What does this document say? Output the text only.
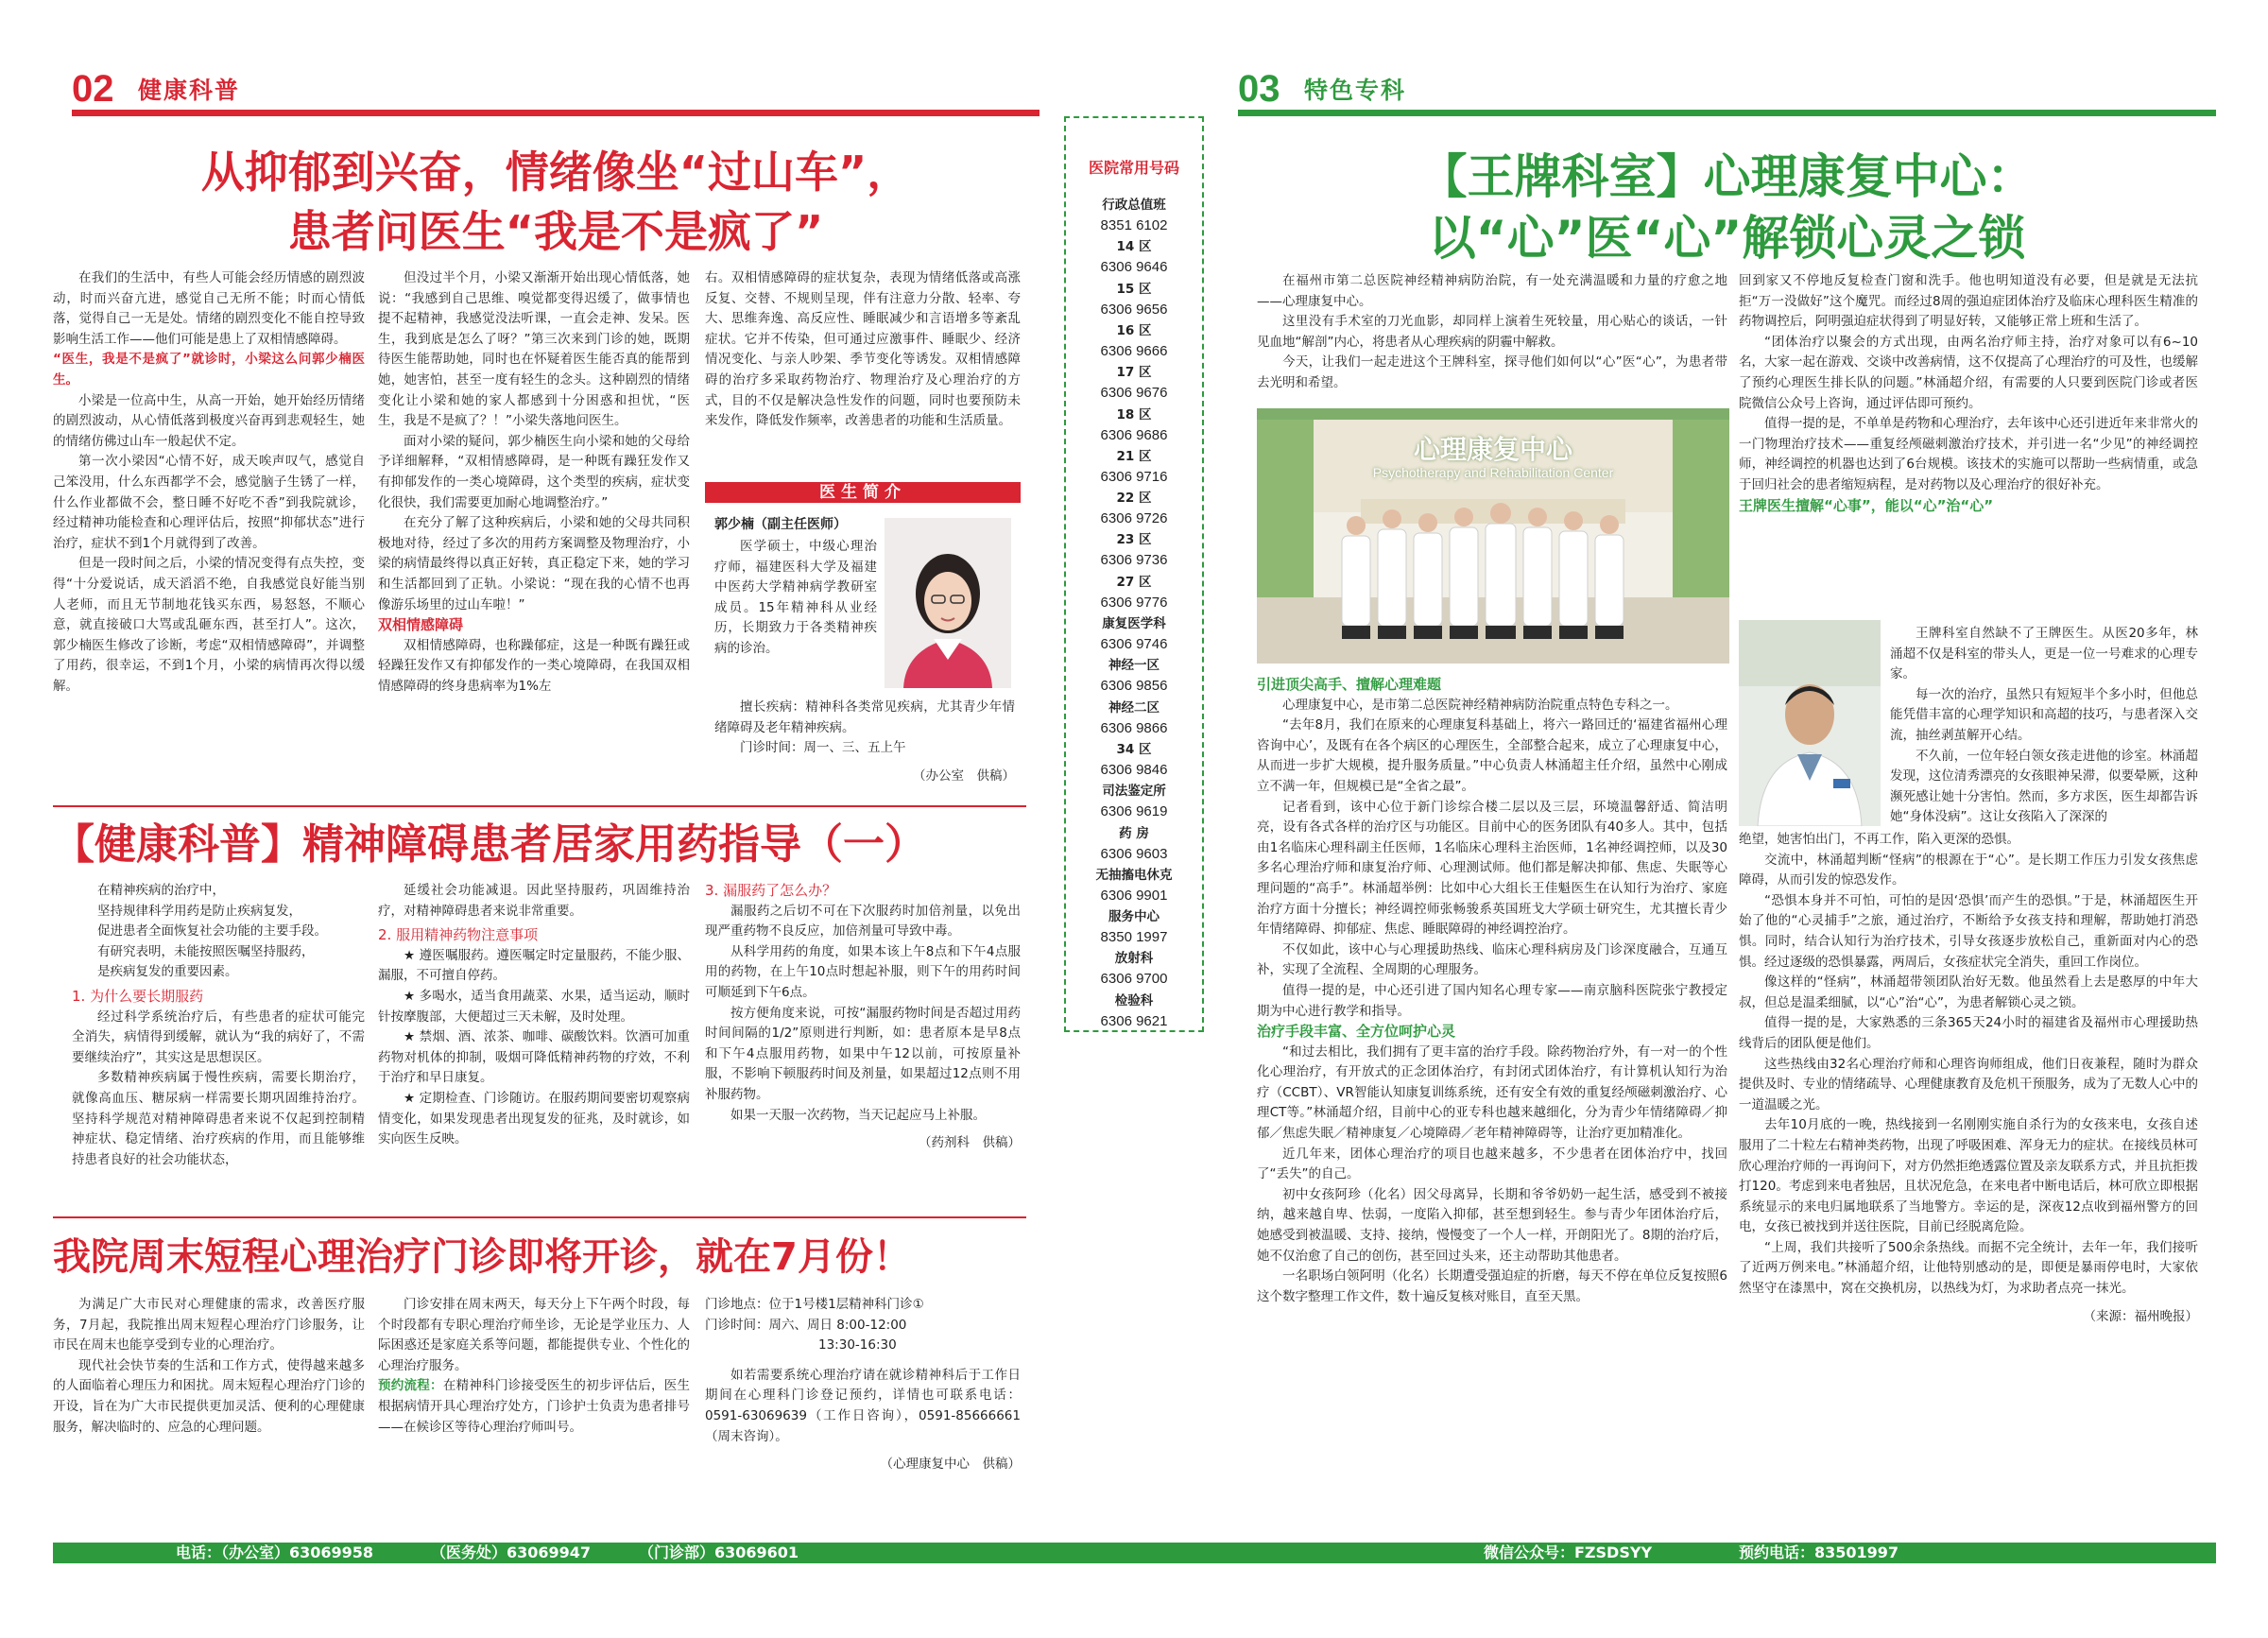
02 健康科普	03 特色专科
从抑郁到兴奋，情绪像坐“过山车”，
患者问医生“我是不是疯了”

在我们的生活中，有些人可能会经历情感的剧烈波动，时而兴奋亢进，感觉自己无所不能；时而心情低落，觉得自己一无是处。情绪的剧烈变化不能自控导致影响生活工作——他们可能是患上了双相情感障碍。

“医生，我是不是疯了”就诊时，小梁这么问郭少楠医生。

小梁是一位高中生，从高一开始，她开始经历情绪的剧烈波动，从心情低落到极度兴奋再到悲观轻生，她的情绪仿佛过山车一般起伏不定。

第一次小梁因“心情不好，成天唉声叹气，感觉自己笨没用，什么东西都学不会，感觉脑子生锈了一样，什么作业都做不会，整日睡不好吃不香”到我院就诊，经过精神功能检查和心理评估后，按照“抑郁状态”进行治疗，症状不到1个月就得到了改善。

但是一段时间之后，小梁的情况变得有点失控，变得“十分爱说话，成天滔滔不绝，自我感觉良好能当别人老师，而且无节制地花钱买东西，易怒怒，不顺心意，就直接破口大骂或乱砸东西，甚至打人”。这次，郭少楠医生修改了诊断，考虑“双相情感障碍”，并调整了用药，很幸运，不到1个月，小梁的病情再次得以缓解。

但没过半个月，小梁又渐渐开始出现心情低落，她说：“我感到自己思维、嗅觉都变得迟缓了，做事情也提不起精神，我感觉没法听课，一直会走神、发呆。医生，我到底是怎么了呀？”第三次来到门诊的她，既期待医生能帮助她，同时也在怀疑着医生能否真的能帮到她，她害怕，甚至一度有轻生的念头。这种剧烈的情绪变化让小梁和她的家人都感到十分困惑和担忧，“医生，我是不是疯了？！”小梁失落地问医生。

面对小梁的疑问，郭少楠医生向小梁和她的父母给予详细解释，“双相情感障碍，是一种既有躁狂发作又有抑郁发作的一类心境障碍，这个类型的疾病，症状变化很快，我们需要更加耐心地调整治疗。”

在充分了解了这种疾病后，小梁和她的父母共同积极地对待，经过了多次的用药方案调整及物理治疗，小梁的病情最终得以真正好转，真正稳定下来，她的学习和生活都回到了正轨。小梁说：“现在我的心情不也再像游乐场里的过山车啦！”

双相情感障碍

双相情感障碍，也称躁郁症，这是一种既有躁狂或轻躁狂发作又有抑郁发作的一类心境障碍，在我国双相情感障碍的终身患病率为1%左

右。双相情感障碍的症状复杂，表现为情绪低落或高涨反复、交替、不规则呈现，伴有注意力分散、轻率、夸大、思维奔逸、高反应性、睡眠减少和言语增多等紊乱症状。它并不传染，但可通过应激事件、睡眠少、经济情况变化、与亲人吵架、季节变化等诱发。双相情感障碍的治疗多采取药物治疗、物理治疗及心理治疗的方式，目的不仅是解决急性发作的问题，同时也要预防未来发作，降低发作频率，改善患者的功能和生活质量。

医生简介
郭少楠（副主任医师）

医学硕士，中级心理治疗师，福建医科大学及福建中医药大学精神病学教研室成员。15年精神科从业经历，长期致力于各类精神疾病的诊治。

擅长疾病：精神科各类常见疾病，尤其青少年情绪障碍及老年精神疾病。

门诊时间：周一、三、五上午

（办公室　供稿）

【健康科普】精神障碍患者居家用药指导（一）

在精神疾病的治疗中，

坚持规律科学用药是防止疾病复发，

促进患者全面恢复社会功能的主要手段。

有研究表明，未能按照医嘱坚持服药，

是疾病复发的重要因素。

1. 为什么要长期服药

经过科学系统治疗后，有些患者的症状可能完全消失，病情得到缓解，就认为“我的病好了，不需要继续治疗”，其实这是思想误区。

多数精神疾病属于慢性疾病，需要长期治疗，就像高血压、糖尿病一样需要长期巩固维持治疗。坚持科学规范对精神障碍患者来说不仅起到控制精神症状、稳定情绪、治疗疾病的作用，而且能够维持患者良好的社会功能状态，

延缓社会功能减退。因此坚持服药，巩固维持治疗，对精神障碍患者来说非常重要。

2. 服用精神药物注意事项

★ 遵医嘱服药。遵医嘱定时定量服药，不能少服、漏服，不可擅自停药。

★ 多喝水，适当食用蔬菜、水果，适当运动，顺时针按摩腹部，大便超过三天未解，及时处理。

★ 禁烟、酒、浓茶、咖啡、碳酸饮料。饮酒可加重药物对机体的抑制，吸烟可降低精神药物的疗效，不利于治疗和早日康复。

★ 定期检查、门诊随访。在服药期间要密切观察病情变化，如果发现患者出现复发的征兆，及时就诊，如实向医生反映。

3. 漏服药了怎么办？

漏服药之后切不可在下次服药时加倍剂量，以免出现严重药物不良反应，加倍剂量可导致中毒。

从科学用药的角度，如果本该上午8点和下午4点服用的药物，在上午10点时想起补服，则下午的用药时间可顺延到下午6点。

按方便角度来说，可按“漏服药物时间是否超过用药时间间隔的1/2”原则进行判断，如：患者原本是早8点和下午4点服用药物，如果中午12以前，可按原量补服，不影响下顿服药时间及剂量，如果超过12点则不用补服药物。

如果一天服一次药物，当天记起应马上补服。

（药剂科　供稿）

我院周末短程心理治疗门诊即将开诊，就在7月份！

为满足广大市民对心理健康的需求，改善医疗服务，7月起，我院推出周末短程心理治疗门诊服务，让市民在周末也能享受到专业的心理治疗。

现代社会快节奏的生活和工作方式，使得越来越多的人面临着心理压力和困扰。周末短程心理治疗门诊的开设，旨在为广大市民提供更加灵活、便利的心理健康服务，解决临时的、应急的心理问题。

门诊安排在周末两天，每天分上下午两个时段，每个时段都有专职心理治疗师坐诊，无论是学业压力、人际困惑还是家庭关系等问题，都能提供专业、个性化的心理治疗服务。

预约流程：在精神科门诊接受医生的初步评估后，医生根据病情开具心理治疗处方，门诊护士负责为患者排号——在候诊区等待心理治疗师叫号。

门诊地点：位于1号楼1层精神科门诊①

门诊时间：周六、周日 8:00-12:00

13:30-16:30

如若需要系统心理治疗请在就诊精神科后于工作日期间在心理科门诊登记预约，详情也可联系电话：0591-63069639（工作日咨询），0591-85666661（周末咨询）。

（心理康复中心　供稿）

医院常用号码
行政总值班
8351 6102
14 区
6306 9646
15 区
6306 9656
16 区
6306 9666
17 区
6306 9676
18 区
6306 9686
21 区
6306 9716
22 区
6306 9726
23 区
6306 9736
27 区
6306 9776
康复医学科
6306 9746
神经一区
6306 9856
神经二区
6306 9866
34 区
6306 9846
司法鉴定所
6306 9619
药 房
6306 9603
无抽搐电休克
6306 9901
服务中心
8350 1997
放射科
6306 9700
检验科
6306 9621
【王牌科室】心理康复中心：
以“心”医“心”解锁心灵之锁

在福州市第二总医院神经精神病防治院，有一处充满温暖和力量的疗愈之地——心理康复中心。

这里没有手术室的刀光血影，却同样上演着生死较量，用心贴心的谈话，一针见血地“解剖”内心，将患者从心理疾病的阴霾中解救。

今天，让我们一起走进这个王牌科室，探寻他们如何以“心”医“心”，为患者带去光明和希望。

心理康复中心
Psychotherapy and Rehabilitation Center

引进顶尖高手、擅解心理难题

心理康复中心，是市第二总医院神经精神病防治院重点特色专科之一。

“去年8月，我们在原来的心理康复科基础上，将六一路回迁的‘福建省福州心理咨询中心’，及既有在各个病区的心理医生，全部整合起来，成立了心理康复中心，从而进一步扩大规模，提升服务质量。”中心负责人林涌超主任介绍，虽然中心刚成立不满一年，但规模已是“全省之最”。

记者看到，该中心位于新门诊综合楼二层以及三层，环境温馨舒适、简洁明亮，设有各式各样的治疗区与功能区。目前中心的医务团队有40多人。其中，包括由1名临床心理科副主任医师，1名临床心理科主治医师，1名神经调控师，以及30多名心理治疗师和康复治疗师、心理测试师。他们都是解决抑郁、焦虑、失眠等心理问题的“高手”。林涌超举例：比如中心大组长王佳魁医生在认知行为治疗、家庭治疗方面十分擅长；神经调控师张畅骏系英国班戈大学硕士研究生，尤其擅长青少年情绪障碍、抑郁症、焦虑、睡眠障碍的神经调控治疗。

不仅如此，该中心与心理援助热线、临床心理科病房及门诊深度融合，互通互补，实现了全流程、全周期的心理服务。

值得一提的是，中心还引进了国内知名心理专家——南京脑科医院张宁教授定期为中心进行教学和指导。

治疗手段丰富、全方位呵护心灵

“和过去相比，我们拥有了更丰富的治疗手段。除药物治疗外，有一对一的个性化心理治疗，有开放式的正念团体治疗，有封闭式团体治疗，有计算机认知行为治疗（CCBT）、VR智能认知康复训练系统，还有安全有效的重复经颅磁刺激治疗、心理CT等。”林涌超介绍，目前中心的亚专科也越来越细化，分为青少年情绪障碍／抑郁／焦虑失眠／精神康复／心境障碍／老年精神障碍等，让治疗更加精准化。

近几年来，团体心理治疗的项目也越来越多，不少患者在团体治疗中，找回了“丢失”的自己。

初中女孩阿珍（化名）因父母离异，长期和爷爷奶奶一起生活，感受到不被接纳，越来越自卑、怯弱，一度陷入抑郁，甚至想到轻生。参与青少年团体治疗后，她感受到被温暖、支持、接纳，慢慢变了一个人一样，开朗阳光了。8期的治疗后，她不仅治愈了自己的创伤，甚至回过头来，还主动帮助其他患者。

一名职场白领阿明（化名）长期遭受强迫症的折磨，每天不停在单位反复按照6这个数字整理工作文件，数十遍反复核对账目，直至天黑。

回到家又不停地反复检查门窗和洗手。他也明知道没有必要，但是就是无法抗拒“万一没做好”这个魔咒。而经过8周的强迫症团体治疗及临床心理科医生精准的药物调控后，阿明强迫症状得到了明显好转，又能够正常上班和生活了。

“团体治疗以聚会的方式出现，由两名治疗师主持，治疗对象可以有6~10名，大家一起在游戏、交谈中改善病情，这不仅提高了心理治疗的可及性，也缓解了预约心理医生排长队的问题。”林涌超介绍，有需要的人只要到医院门诊或者医院微信公众号上咨询，通过评估即可预约。

值得一提的是，不单单是药物和心理治疗，去年该中心还引进近年来非常火的一门物理治疗技术——重复经颅磁刺激治疗技术，并引进一名“少见”的神经调控师，神经调控的机器也达到了6台规模。该技术的实施可以帮助一些病情重，或急于回归社会的患者缩短病程，是对药物以及心理治疗的很好补充。

王牌医生擅解“心事”，能以“心”治“心”

王牌科室自然缺不了王牌医生。从医20多年，林涌超不仅是科室的带头人，更是一位一号难求的心理专家。

每一次的治疗，虽然只有短短半个多小时，但他总能凭借丰富的心理学知识和高超的技巧，与患者深入交流，抽丝剥茧解开心结。

不久前，一位年轻白领女孩走进他的诊室。林涌超发现，这位清秀漂亮的女孩眼神呆滞，似要晕厥，这种濒死感让她十分害怕。然而，多方求医，医生却都告诉她“身体没病”。这让女孩陷入了深深的

绝望，她害怕出门，不再工作，陷入更深的恐惧。

交流中，林涌超判断“怪病”的根源在于“心”。是长期工作压力引发女孩焦虑障碍，从而引发的惊恐发作。

“恐惧本身并不可怕，可怕的是因‘恐惧’而产生的恐惧。”于是，林涌超医生开始了他的“心灵捕手”之旅，通过治疗，不断给予女孩支持和理解，帮助她打消恐惧。同时，结合认知行为治疗技术，引导女孩逐步放松自己，重新面对内心的恐惧。经过逐级的恐惧暴露，两周后，女孩症状完全消失，重回工作岗位。

像这样的“怪病”，林涌超带领团队治好无数。他虽然看上去是憨厚的中年大叔，但总是温柔细腻，以“心”治“心”，为患者解锁心灵之锁。

值得一提的是，大家熟悉的三条365天24小时的福建省及福州市心理援助热线背后的团队便是他们。

这些热线由32名心理治疗师和心理咨询师组成，他们日夜兼程，随时为群众提供及时、专业的情绪疏导、心理健康教育及危机干预服务，成为了无数人心中的一道温暖之光。

去年10月底的一晚，热线接到一名刚刚实施自杀行为的女孩来电，女孩自述服用了二十粒左右精神类药物，出现了呼吸困难、浑身无力的症状。在接线员林可欣心理治疗师的一再询问下，对方仍然拒绝透露位置及亲友联系方式，并且抗拒拨打120。考虑到来电者独居，且状况危急，在来电者中断电话后，林可欣立即根据系统显示的来电归属地联系了当地警方。幸运的是，深夜12点收到福州警方的回电，女孩已被找到并送往医院，目前已经脱离危险。

“上周，我们共接听了500余条热线。而据不完全统计，去年一年，我们接听了近两万例来电。”林涌超介绍，让他特别感动的是，即便是暴雨停电时，大家依然坚守在漆黑中，窝在交换机房，以热线为灯，为求助者点亮一抹光。

（来源：福州晚报）

电话：（办公室）63069958	（医务处）63069947	（门诊部）63069601	微信公众号：FZSDSYY	预约电话：83501997
